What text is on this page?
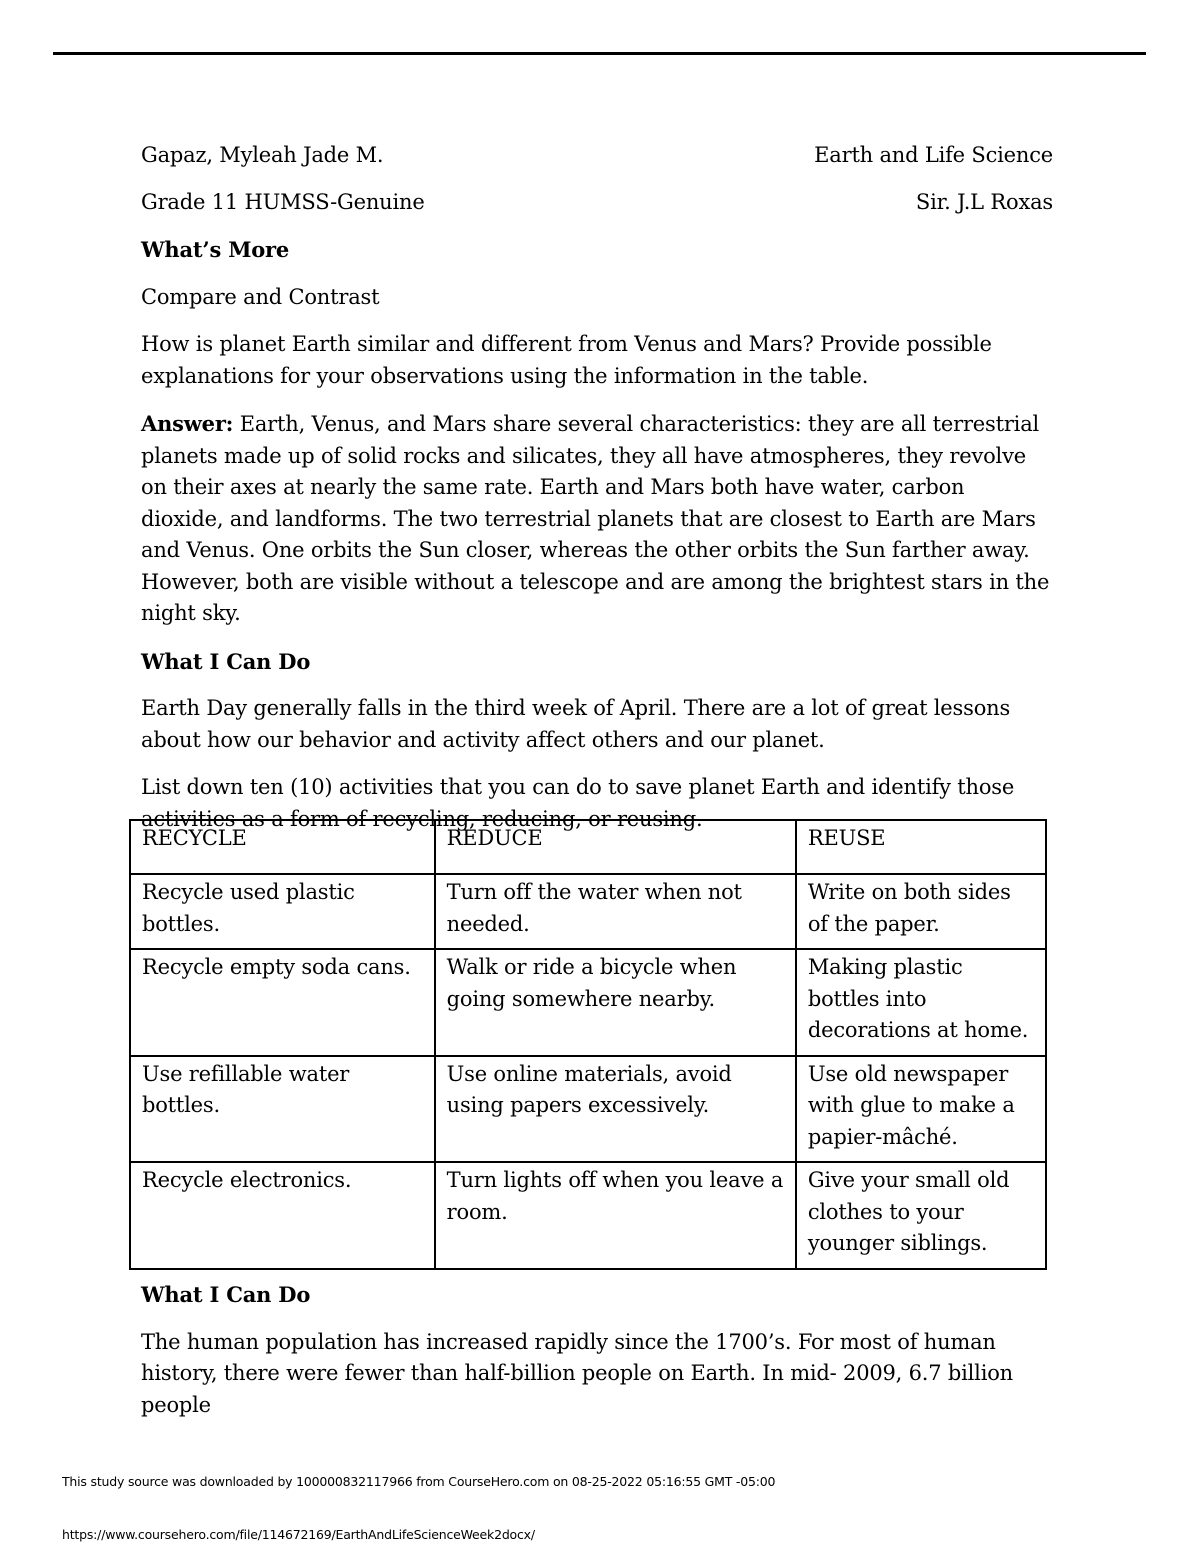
Gapaz, Myleah Jade M.	Earth and Life Science
Grade 11 HUMSS-Genuine	Sir. J.L Roxas

What’s More

Compare and Contrast

How is planet Earth similar and different from Venus and Mars? Provide possible explanations for your observations using the information in the table.

Answer: Earth, Venus, and Mars share several characteristics: they are all terrestrial planets made up of solid rocks and silicates, they all have atmospheres, they revolve on their axes at nearly the same rate. Earth and Mars both have water, carbon dioxide, and landforms. The two terrestrial planets that are closest to Earth are Mars and Venus. One orbits the Sun closer, whereas the other orbits the Sun farther away. However, both are visible without a telescope and are among the brightest stars in the night sky.

What I Can Do

Earth Day generally falls in the third week of April. There are a lot of great lessons about how our behavior and activity affect others and our planet.

List down ten (10) activities that you can do to save planet Earth and identify those activities as a form of recycling, reducing, or reusing.

RECYCLE	REDUCE	REUSE
Recycle used plastic bottles.	Turn off the water when not needed.	Write on both sides of the paper.
Recycle empty soda cans.	Walk or ride a bicycle when going somewhere nearby.	Making plastic bottles into decorations at home.
Use refillable water bottles.	Use online materials, avoid using papers excessively.	Use old newspaper with glue to make a papier-mâché.
Recycle electronics.	Turn lights off when you leave a room.	Give your small old clothes to your younger siblings.

What I Can Do

The human population has increased rapidly since the 1700’s. For most of human history, there were fewer than half-billion people on Earth. In mid- 2009, 6.7 billion people

This study source was downloaded by 100000832117966 from CourseHero.com on 08-25-2022 05:16:55 GMT -05:00
https://www.coursehero.com/file/114672169/EarthAndLifeScienceWeek2docx/
